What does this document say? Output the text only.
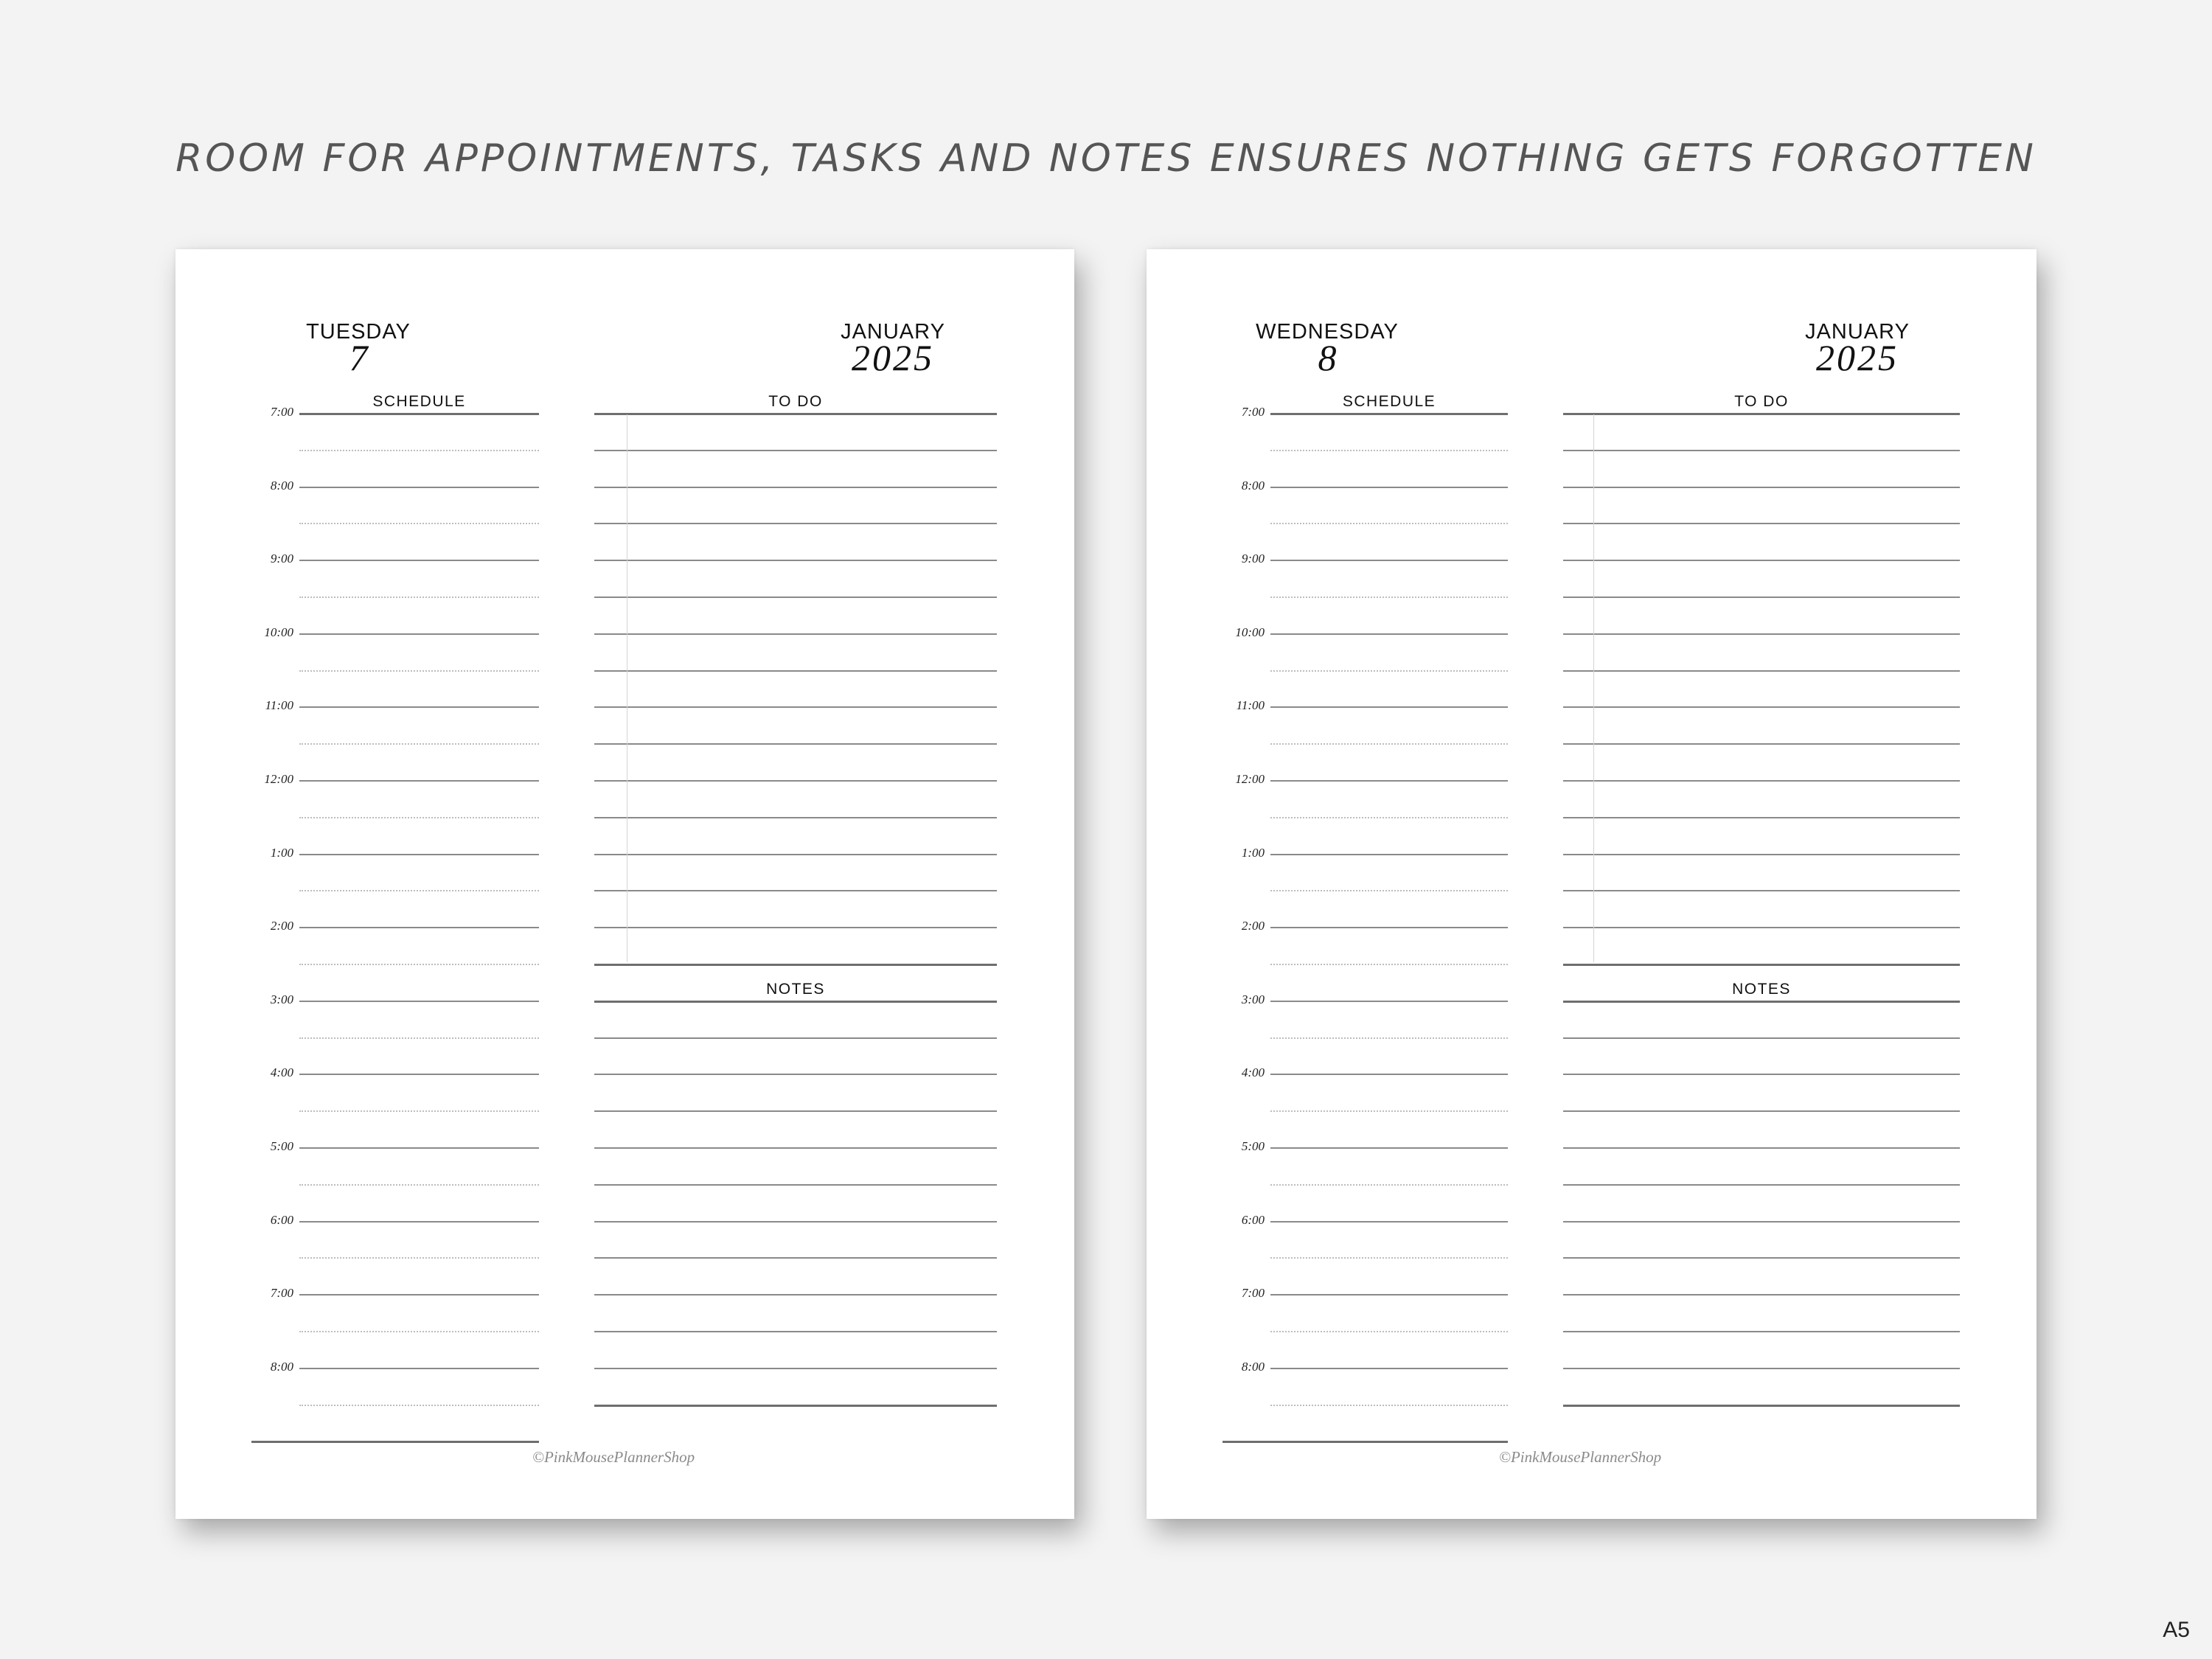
ROOM FOR APPOINTMENTS, TASKS AND NOTES ENSURES NOTHING GETS FORGOTTEN
TUESDAY
7
JANUARY
2025
SCHEDULE	TO DO
NOTES
7:00
8:00
9:00
10:00
11:00
12:00
1:00
2:00
3:00
4:00
5:00
6:00
7:00
8:00
©PinkMousePlannerShop
WEDNESDAY
8
JANUARY
2025
SCHEDULE	TO DO
NOTES
7:00
8:00
9:00
10:00
11:00
12:00
1:00
2:00
3:00
4:00
5:00
6:00
7:00
8:00
©PinkMousePlannerShop
A5
